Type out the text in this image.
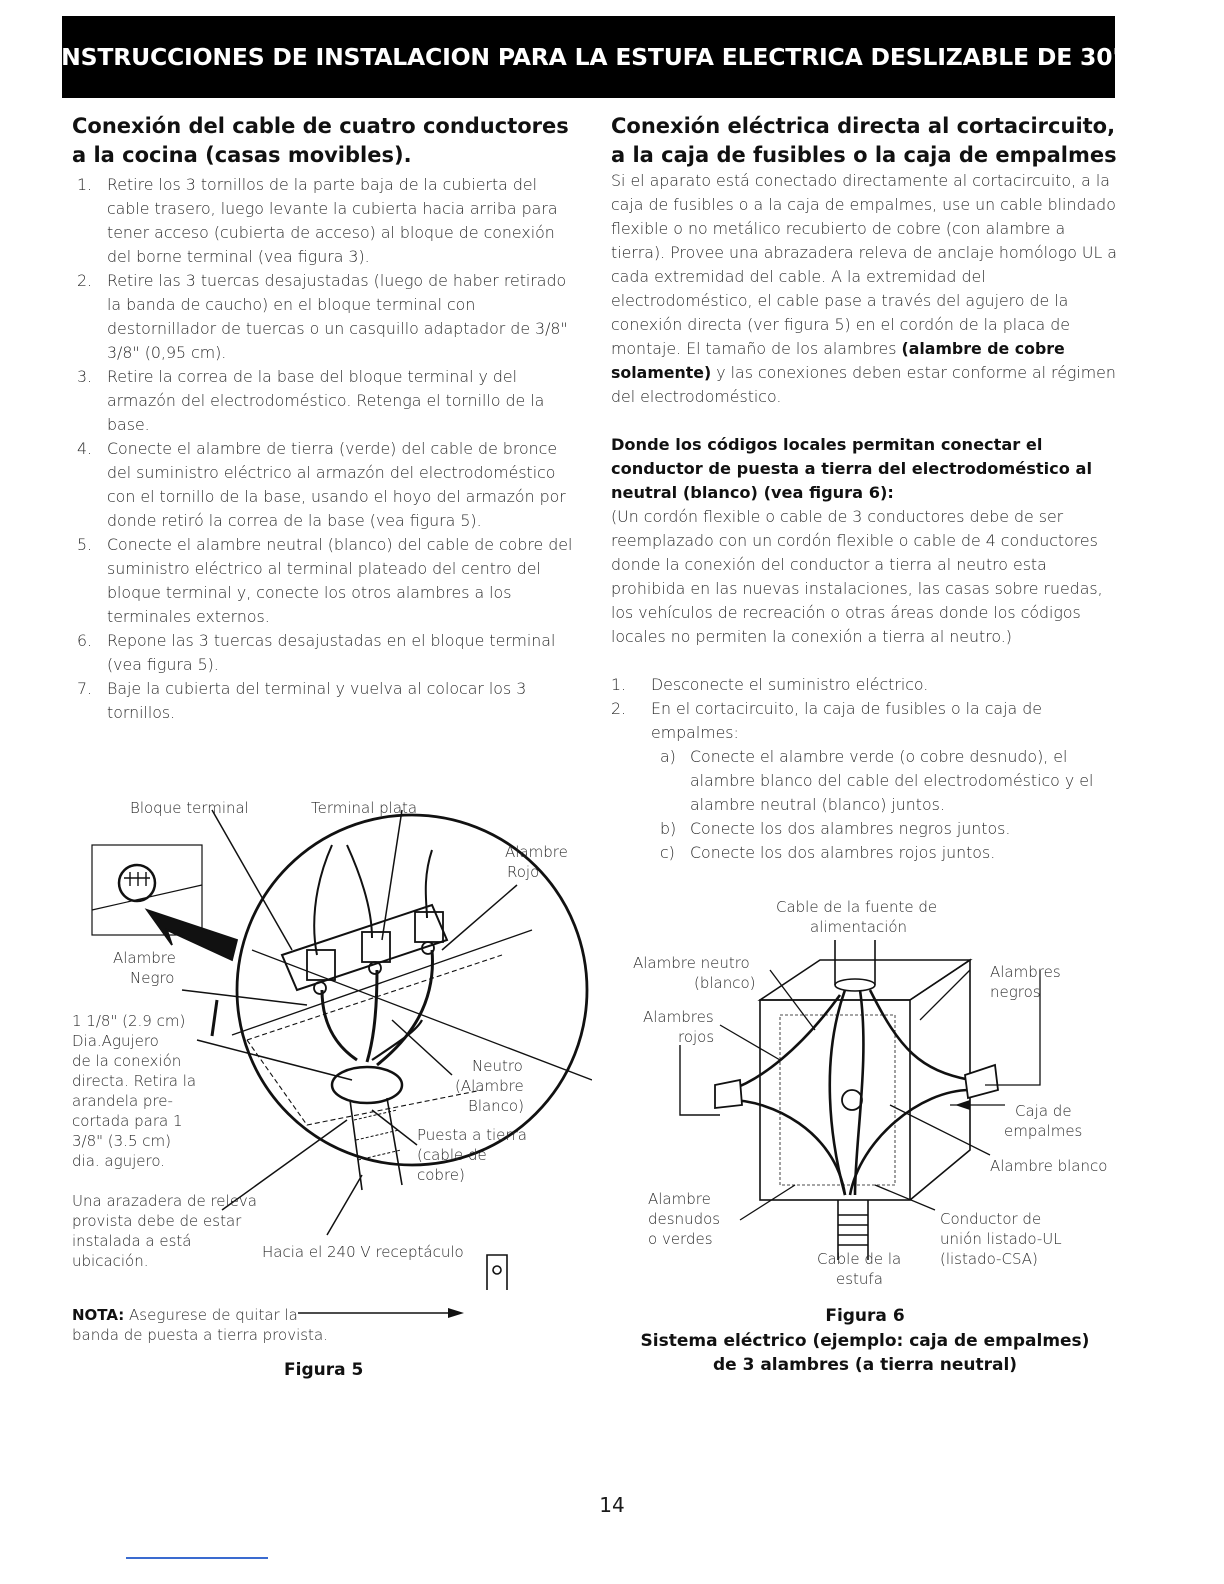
INSTRUCCIONES DE INSTALACION PARA LA ESTUFA ELECTRICA DESLIZABLE DE 30"
Conexión del cable de cuatro conductores a la cocina (casas movibles).
1. Retire los 3 tornillos de la parte baja de la cubierta del cable trasero, luego levante la cubierta hacia arriba para tener acceso (cubierta de acceso) al bloque de conexión del borne terminal (vea figura 3).
2. Retire las 3 tuercas desajustadas (luego de haber retirado la banda de caucho) en el bloque terminal con destornillador de tuercas o un casquillo adaptador de 3/8" 3/8" (0,95 cm).
3. Retire la correa de la base del bloque terminal y del armazón del electrodoméstico. Retenga el tornillo de la base.
4. Conecte el alambre de tierra (verde) del cable de bronce del suministro eléctrico al armazón del electrodoméstico con el tornillo de la base, usando el hoyo del armazón por donde retiró la correa de la base (vea figura 5).
5. Conecte el alambre neutral (blanco) del cable de cobre del suministro eléctrico al terminal plateado del centro del bloque terminal y, conecte los otros alambres a los terminales externos.
6. Repone las 3 tuercas desajustadas en el bloque terminal (vea figura 5).
7. Baje la cubierta del terminal y vuelva al colocar los 3 tornillos.
Bloque terminal	Terminal plata
Alambre
Rojo
Alambre
Negro
1 1/8" (2.9 cm)
Dia.Agujero
de la conexión
directa. Retira la
arandela pre-
cortada para 1
3/8" (3.5 cm)
dia. agujero.
Neutro
(Alambre
Blanco)
Puesta a tierra
(cable de
cobre)
Una arazadera de releva
provista debe de estar
instalada a está
ubicación.	Hacia el 240 V receptáculo
NOTA: Asegurese de quitar la banda de puesta a tierra provista.
Figura 5
Conexión eléctrica directa al cortacircuito, a la caja de fusibles o la caja de empalmes
Si el aparato está conectado directamente al cortacircuito, a la caja de fusibles o a la caja de empalmes, use un cable blindado flexible o no metálico recubierto de cobre (con alambre a tierra). Provee una abrazadera releva de anclaje homólogo UL a cada extremidad del cable. A la extremidad del electrodoméstico, el cable pase a través del agujero de la conexión directa (ver figura 5) en el cordón de la placa de montaje. El tamaño de los alambres (alambre de cobre solamente) y las conexiones deben estar conforme al régimen del electrodoméstico.
Donde los códigos locales permitan conectar el conductor de puesta a tierra del electrodoméstico al neutral (blanco) (vea figura 6):
(Un cordón flexible o cable de 3 conductores debe de ser reemplazado con un cordón flexible o cable de 4 conductores donde la conexión del conductor a tierra al neutro esta prohibida en las nuevas instalaciones, las casas sobre ruedas, los vehículos de recreación o otras áreas donde los códigos locales no permiten la conexión a tierra al neutro.)
1. Desconecte el suministro eléctrico.
2. En el cortacircuito, la caja de fusibles o la caja de empalmes:
a) Conecte el alambre verde (o cobre desnudo), el alambre blanco del cable del electrodoméstico y el alambre neutral (blanco) juntos.
b) Conecte los dos alambres negros juntos.
c) Conecte los dos alambres rojos juntos.
Cable de la fuente de
alimentación
Alambre neutro
(blanco)
Alambres
negros
Alambres
rojos
Caja de
empalmes
Alambre blanco
Alambre
desnudos
o verdes
Conductor de
unión listado-UL
(listado-CSA)
Cable de la
estufa
Figura 6
Sistema eléctrico (ejemplo: caja de empalmes)
de 3 alambres (a tierra neutral)
14
